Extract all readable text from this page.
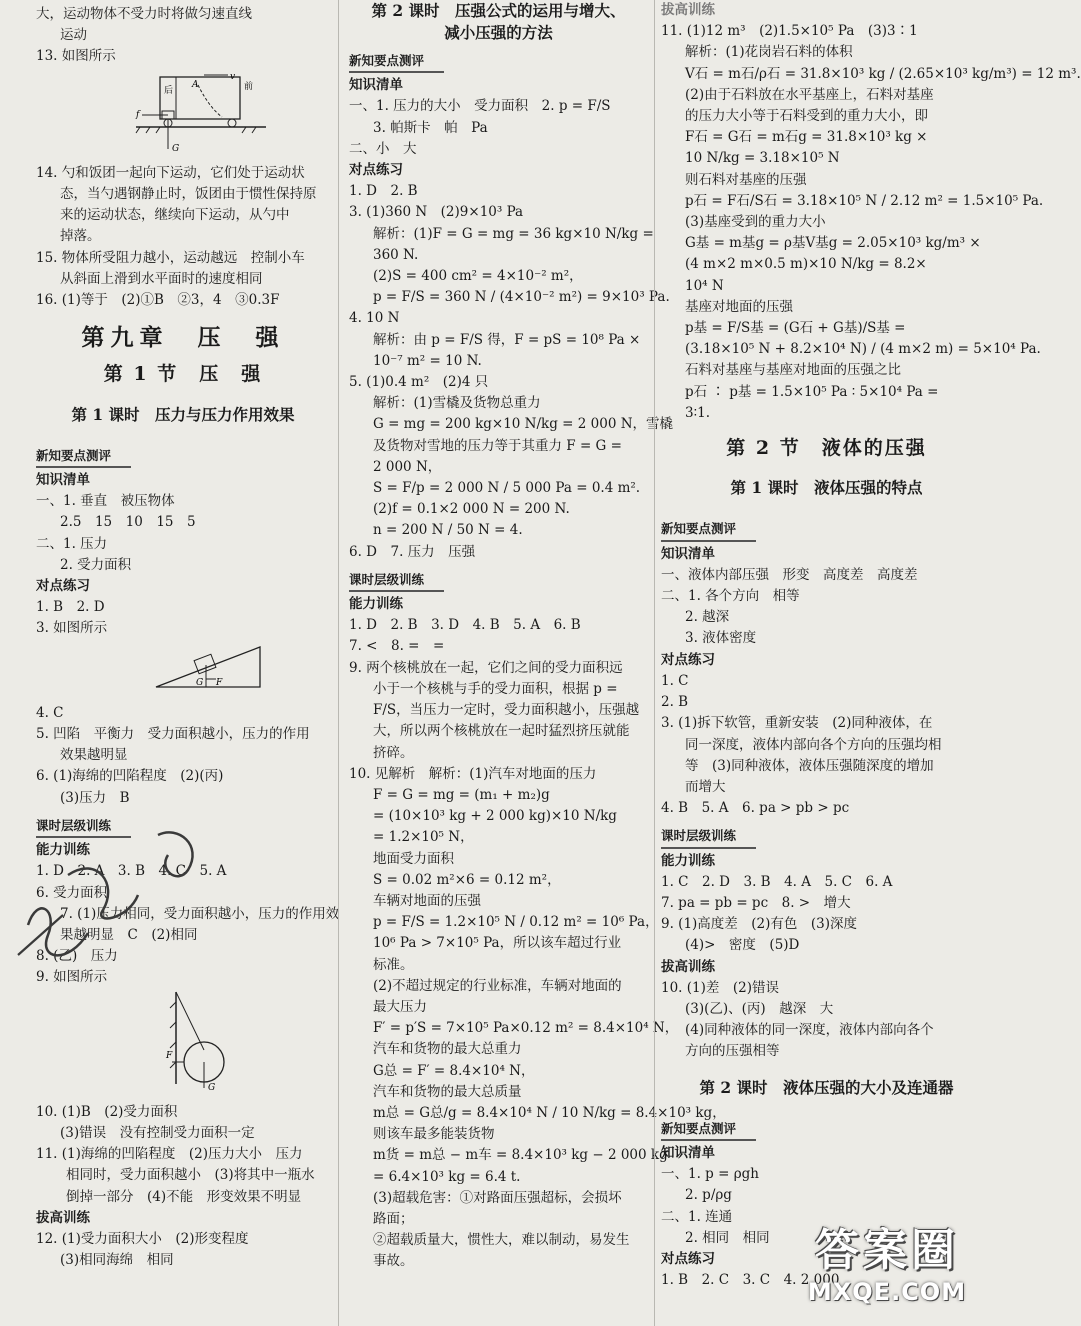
大，运动物体不受力时将做匀速直线
运动
13. 如图所示
后
A	前
f
G
v
14. 勺和饭团一起向下运动，它们处于运动状
态，当勺遇钢静止时，饭团由于惯性保持原
来的运动状态，继续向下运动，从勺中
掉落。
15. 物体所受阻力越小，运动越远　控制小车
从斜面上滑到水平面时的速度相同
16. (1)等于　(2)①B　②3，4　③0.3F
第九章　压　强
第 1 节　压　强
第 1 课时　压力与压力作用效果
新知要点测评
知识清单
一、1. 垂直　被压物体
2.5　15　10　15　5
二、1. 压力
2. 受力面积
对点练习
1. B　2. D
3. 如图所示
G F
4. C
5. 凹陷　平衡力　受力面积越小，压力的作用
效果越明显
6. (1)海绵的凹陷程度　(2)(丙)
(3)压力　B
课时层级训练
能力训练
1. D　2. A　3. B　4. C　5. A
6. 受力面积
7. (1)压力相同，受力面积越小，压力的作用效
果越明显　C　(2)相同
8. (乙)　压力
9. 如图所示
F
G
10. (1)B　(2)受力面积
(3)错误　没有控制受力面积一定
11. (1)海绵的凹陷程度　(2)压力大小　压力
相同时，受力面积越小　(3)将其中一瓶水
倒掉一部分　(4)不能　形变效果不明显
拔高训练
12. (1)受力面积大小　(2)形变程度
(3)相同海绵　相同
第 2 课时　压强公式的运用与增大、
减小压强的方法
新知要点测评
知识清单
一、1. 压力的大小　受力面积　2. p = F/S
3. 帕斯卡　帕　Pa
二、小　大
对点练习
1. D　2. B
3. (1)360 N　(2)9×10³ Pa
解析：(1)F = G = mg = 36 kg×10 N/kg =
360 N.
(2)S = 400 cm² = 4×10⁻² m²，
p = F/S = 360 N / (4×10⁻² m²) = 9×10³ Pa.
4. 10 N
解析：由 p = F/S 得，F = pS = 10⁸ Pa ×
10⁻⁷ m² = 10 N.
5. (1)0.4 m²　(2)4 只
解析：(1)雪橇及货物总重力
G = mg = 200 kg×10 N/kg = 2 000 N，雪橇
及货物对雪地的压力等于其重力 F = G =
2 000 N，
S = F/p = 2 000 N / 5 000 Pa = 0.4 m².
(2)f = 0.1×2 000 N = 200 N.
n = 200 N / 50 N = 4.
6. D　7. 压力　压强
课时层级训练
能力训练
1. D　2. B　3. D　4. B　5. A　6. B
7. <　8. =　=
9. 两个核桃放在一起，它们之间的受力面积远
小于一个核桃与手的受力面积，根据 p =
F/S，当压力一定时，受力面积越小，压强越
大，所以两个核桃放在一起时猛烈挤压就能
挤碎。
10. 见解析　解析：(1)汽车对地面的压力
F = G = mg = (m₁ + m₂)g
= (10×10³ kg + 2 000 kg)×10 N/kg
= 1.2×10⁵ N，
地面受力面积
S = 0.02 m²×6 = 0.12 m²，
车辆对地面的压强
p = F/S = 1.2×10⁵ N / 0.12 m² = 10⁶ Pa，
10⁶ Pa > 7×10⁵ Pa，所以该车超过行业
标准。
(2)不超过规定的行业标准，车辆对地面的
最大压力
F′ = p′S = 7×10⁵ Pa×0.12 m² = 8.4×10⁴ N，
汽车和货物的最大总重力
G总 = F′ = 8.4×10⁴ N，
汽车和货物的最大总质量
m总 = G总/g = 8.4×10⁴ N / 10 N/kg = 8.4×10³ kg，
则该车最多能装货物
m货 = m总 − m车 = 8.4×10³ kg − 2 000 kg
= 6.4×10³ kg = 6.4 t.
(3)超载危害：①对路面压强超标，会损坏
路面；
②超载质量大，惯性大，难以制动，易发生
事故。
拔高训练
11. (1)12 m³　(2)1.5×10⁵ Pa　(3)3∶1
解析：(1)花岗岩石料的体积
V石 = m石/ρ石 = 31.8×10³ kg / (2.65×10³ kg/m³) = 12 m³.
(2)由于石料放在水平基座上，石料对基座
的压力大小等于石料受到的重力大小，即
F石 = G石 = m石g = 31.8×10³ kg ×
10 N/kg = 3.18×10⁵ N
则石料对基座的压强
p石 = F石/S石 = 3.18×10⁵ N / 2.12 m² = 1.5×10⁵ Pa.
(3)基座受到的重力大小
G基 = m基g = ρ基V基g = 2.05×10³ kg/m³ ×
(4 m×2 m×0.5 m)×10 N/kg = 8.2×
10⁴ N
基座对地面的压强
p基 = F/S基 = (G石 + G基)/S基 =
(3.18×10⁵ N + 8.2×10⁴ N) / (4 m×2 m) = 5×10⁴ Pa.
石料对基座与基座对地面的压强之比
p石 ∶ p基 = 1.5×10⁵ Pa ∶ 5×10⁴ Pa =
3∶1.
第 2 节　液体的压强
第 1 课时　液体压强的特点
新知要点测评
知识清单
一、液体内部压强　形变　高度差　高度差
二、1. 各个方向　相等
2. 越深
3. 液体密度
对点练习
1. C
2. B
3. (1)拆下软管，重新安装　(2)同种液体，在
同一深度，液体内部向各个方向的压强均相
等　(3)同种液体，液体压强随深度的增加
而增大
4. B　5. A　6. pa > pb > pc
课时层级训练
能力训练
1. C　2. D　3. B　4. A　5. C　6. A
7. pa = pb = pc　8. >　增大
9. (1)高度差　(2)有色　(3)深度
(4)>　密度　(5)D
拔高训练
10. (1)差　(2)错误
(3)(乙)、(丙)　越深　大
(4)同种液体的同一深度，液体内部向各个
方向的压强相等
第 2 课时　液体压强的大小及连通器
新知要点测评
知识清单
一、1. p = ρgh
2. p/ρg
二、1. 连通
2. 相同　相同
对点练习
1. B　2. C　3. C　4. 2 000
答案圈
MXQE.COM
